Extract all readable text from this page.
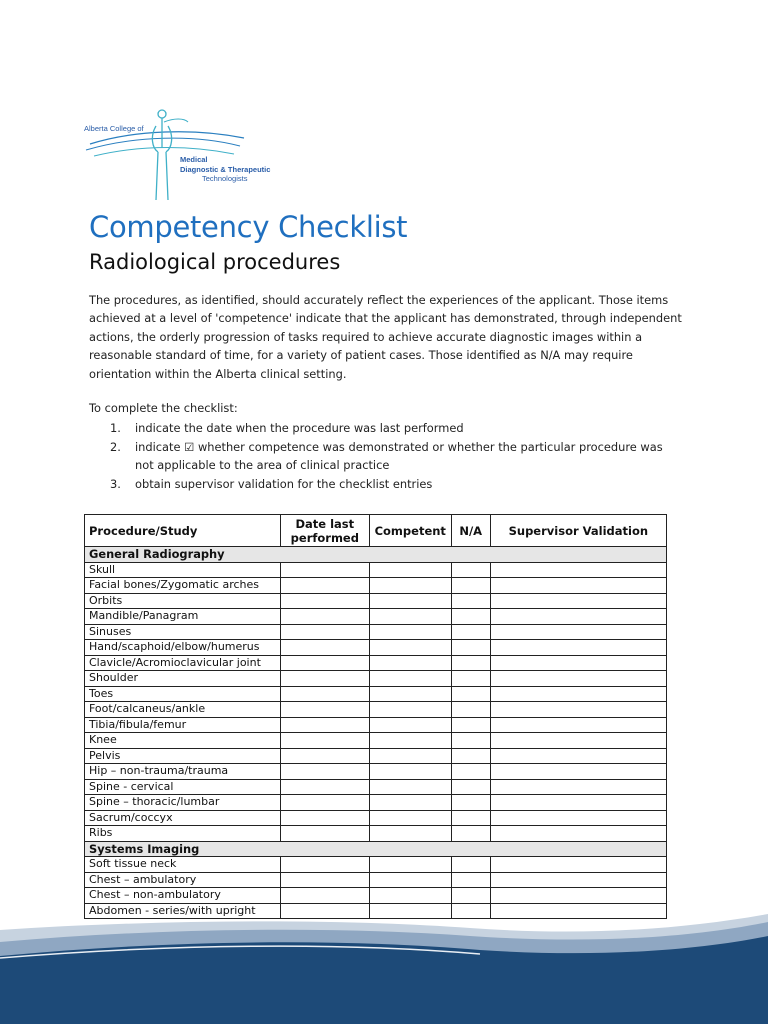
Alberta College of
Medical
Diagnostic & Therapeutic
Technologists
Competency Checklist
Radiological procedures
The procedures, as identified, should accurately reflect the experiences of the applicant. Those items achieved at a level of 'competence' indicate that the applicant has demonstrated, through independent actions, the orderly progression of tasks required to achieve accurate diagnostic images within a reasonable standard of time, for a variety of patient cases. Those identified as N/A may require orientation within the Alberta clinical setting.
To complete the checklist:
1. indicate the date when the procedure was last performed
2. indicate ☑ whether competence was demonstrated or whether the particular procedure was not applicable to the area of clinical practice
3. obtain supervisor validation for the checklist entries
Procedure/Study	Date last performed	Competent	N/A	Supervisor Validation
General Radiography				
Skull				
Facial bones/Zygomatic arches				
Orbits				
Mandible/Panagram				
Sinuses				
Hand/scaphoid/elbow/humerus				
Clavicle/Acromioclavicular joint				
Shoulder				
Toes				
Foot/calcaneus/ankle				
Tibia/fibula/femur				
Knee				
Pelvis				
Hip – non-trauma/trauma				
Spine - cervical				
Spine – thoracic/lumbar				
Sacrum/coccyx				
Ribs				
Systems Imaging				
Soft tissue neck				
Chest – ambulatory				
Chest – non-ambulatory				
Abdomen - series/with upright				
